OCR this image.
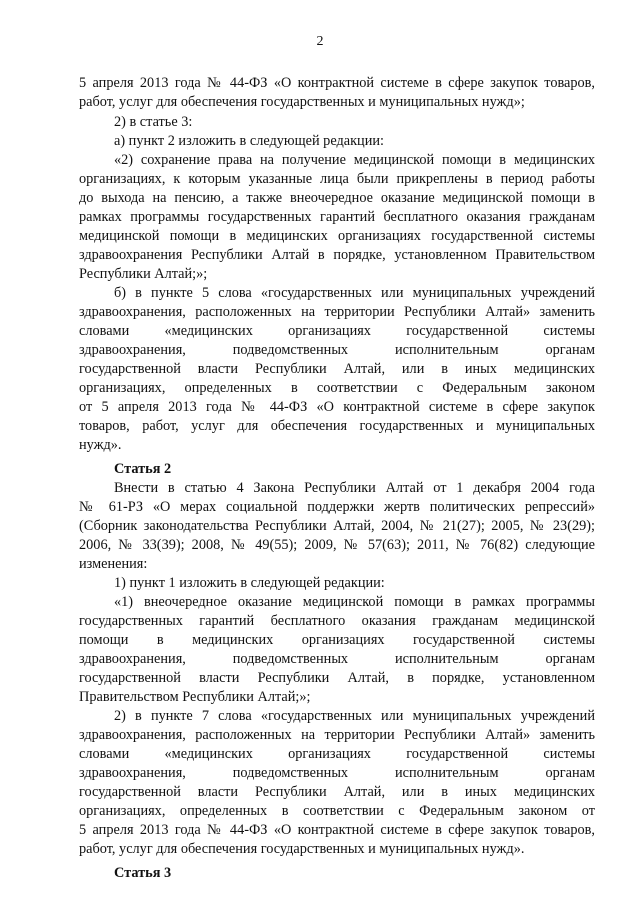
2
5 апреля 2013 года № 44-ФЗ «О контрактной системе в сфере закупок товаров,
работ, услуг для обеспечения государственных и муниципальных нужд»;
2) в статье 3:
а) пункт 2 изложить в следующей редакции:
«2) сохранение права на получение медицинской помощи в медицинских
организациях, к которым указанные лица были прикреплены в период работы
до выхода на пенсию, а также внеочередное оказание медицинской помощи в
рамках программы государственных гарантий бесплатного оказания гражданам
медицинской помощи в медицинских организациях государственной системы
здравоохранения Республики Алтай в порядке, установленном Правительством
Республики Алтай;»;
б) в пункте 5 слова «государственных или муниципальных учреждений
здравоохранения, расположенных на территории Республики Алтай» заменить
словами «медицинских организациях государственной системы
здравоохранения, подведомственных исполнительным органам
государственной власти Республики Алтай, или в иных медицинских
организациях, определенных в соответствии с Федеральным законом
от 5 апреля 2013 года № 44-ФЗ «О контрактной системе в сфере закупок
товаров, работ, услуг для обеспечения государственных и муниципальных
нужд».
Статья 2
Внести в статью 4 Закона Республики Алтай от 1 декабря 2004 года
№ 61-РЗ «О мерах социальной поддержки жертв политических репрессий»
(Сборник законодательства Республики Алтай, 2004, № 21(27); 2005, № 23(29);
2006, № 33(39); 2008, № 49(55); 2009, № 57(63); 2011, № 76(82) следующие
изменения:
1) пункт 1 изложить в следующей редакции:
«1) внеочередное оказание медицинской помощи в рамках программы
государственных гарантий бесплатного оказания гражданам медицинской
помощи в медицинских организациях государственной системы
здравоохранения, подведомственных исполнительным органам
государственной власти Республики Алтай, в порядке, установленном
Правительством Республики Алтай;»;
2) в пункте 7 слова «государственных или муниципальных учреждений
здравоохранения, расположенных на территории Республики Алтай» заменить
словами «медицинских организациях государственной системы
здравоохранения, подведомственных исполнительным органам
государственной власти Республики Алтай, или в иных медицинских
организациях, определенных в соответствии с Федеральным законом от
5 апреля 2013 года № 44-ФЗ «О контрактной системе в сфере закупок товаров,
работ, услуг для обеспечения государственных и муниципальных нужд».
Статья 3
